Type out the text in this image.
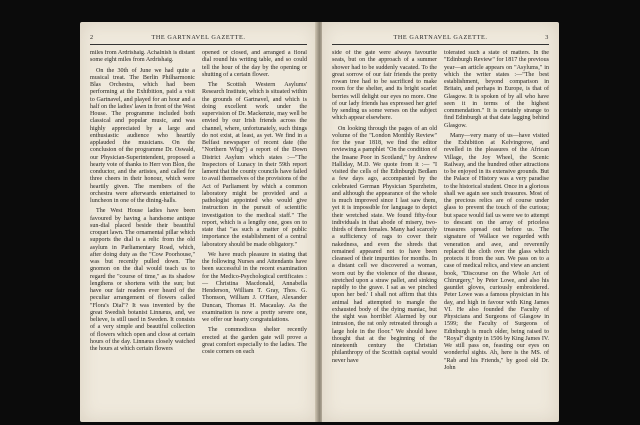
2	THE GARTNAVEL GAZETTE.

miles from Ardrishaig. Achalnish is distant some eight miles from Ardrishaig.

On the 30th of June we had quite a musical treat. The Berlin Philharmonic Blas Orchestra, which had been performing at the Exhibition, paid a visit to Gartnavel, and played for an hour and a half on the ladies' lawn in front of the West House. The programme included both classical and popular music, and was highly appreciated by a large and enthusiastic audience who heartily applauded the musicians. On the conclusion of the programme Dr. Oswald, our Physician-Superintendent, proposed a hearty vote of thanks to Herr von Blon, the conductor, and the artistes, and called for three cheers in their honour, which were heartily given. The members of the orchestra were afterwards entertained to luncheon in one of the dining-halls.

The West House ladies have been favoured by having a handsome antique sun-dial placed beside their beautiful croquet lawn. The ornamental pillar which supports the dial is a relic from the old asylum in Parliamentary Road, which, after doing duty as the "Cow Poorhouse," was but recently pulled down. The gnomon on the dial would teach us to regard the "course of time," as its shadow lengthens or shortens with the sun; but have our fair readers ever heard of the peculiar arrangement of flowers called "Flora's Dial"? It was invented by the great Swedish botanist Linnæus, and, we believe, is still used in Sweden. It consists of a very simple and beautiful collection of flowers which open and close at certain hours of the day. Linnæus closely watched the hours at which certain flowers

opened or closed, and arranged a floral dial round his writing table, and so could tell the hour of the day by the opening or shutting of a certain flower.

The Scottish Western Asylums' Research Institute, which is situated within the grounds of Gartnavel, and which is doing excellent work under the supervision of Dr. Mackenzie, may well be envied by our Irish friends across the channel, where, unfortunately, such things do not exist, at least, as yet. We find in a Belfast newspaper of recent date (the "Northern Whig") a report of the Down District Asylum which states :—"The Inspectors of Lunacy in their 59th report lament that the county councils have failed to avail themselves of the provisions of the Act of Parliament by which a common laboratory might be provided and a pathologist appointed who would give instruction in the pursuit of scientific investigation to the medical staff." The report, which is a lengthy one, goes on to state that "as such a matter of public importance the establishment of a central laboratory should be made obligatory."

We have much pleasure in stating that the following Nurses and Attendants have been successful in the recent examination for the Medico-Psychological certificates :— Christina Macdonald, Annabella Henderson, William T. Gray, Thos. G. Thomson, William J. O'Hare, Alexander Duncan, Thomas H. Macaulay. As the examination is now a pretty severe one, we offer our hearty congratulations.

The commodious shelter recently erected at the garden gate will prove a great comfort especially to the ladies. The cosie corners on each

THE GARTNAVEL GAZETTE.	3

side of the gate were always favourite seats, but on the approach of a summer shower had to be suddenly vacated. To the great sorrow of our fair friends the pretty rowan tree had to be sacrificed to make room for the shelter, and its bright scarlet berries will delight our eyes no more. One of our lady friends has expressed her grief by sending us some verses on the subject which appear elsewhere.

On looking through the pages of an old volume of the "London Monthly Review" for the year 1818, we find the editor reviewing a pamphlet "On the condition of the Insane Poor in Scotland," by Andrew Halliday, M.D. We quote from it :— "I visited the cells of the Edinburgh Bedlam a few days ago, accompanied by the celebrated German Physician Spurzheim, and although the appearance of the whole is much improved since I last saw them, yet it is impossible for language to depict their wretched state. We found fifty-four individuals in that abode of misery, two-thirds of them females. Many had scarcely a sufficiency of rags to cover their nakedness, and even the shreds that remained appeared not to have been cleansed of their impurities for months. In a distant cell we discovered a woman, worn out by the violence of the disease, stretched upon a straw pallet, and sinking rapidly to the grave. I sat as we pinched upon her bed.' I shall not affirm that this animal had attempted to mangle the exhausted body of the dying maniac, but the sight was horrible! Alarmed by our intrusion, the rat only retreated through a large hole in the floor." We should have thought that at the beginning of the nineteenth century the Christian philanthropy of the Scottish capital would never have

tolerated such a state of matters. In the "Edinburgh Review" for 1817 the previous year—an article appears on "Asylums," in which the writer states :—"The best establishment, beyond comparison in Britain, and perhaps in Europe, is that of Glasgow. It is spoken of by all who have seen it in terms of the highest commendation." It is certainly strange to find Edinburgh at that date lagging behind Glasgow.

Many—very many of us—have visited the Exhibition at Kelvingrove, and revelled in the pleasures of the African Village, the Joy Wheel, the Scenic Railway, and the hundred other attractions to be enjoyed in its extensive grounds. But the Palace of History was a very paradise to the historical student. Once in a glorious shall we again see such treasures. Most of the precious relics are of course under glass to prevent the touch of the curious; but space would fail us were we to attempt to descant on the array of priceless treasures spread out before us. The signature of Wallace we regarded with veneration and awe, and reverently replaced the cloth over the glass which protects it from the sun. We pass on to a case of medical relics, and view an ancient book, "Discourse on the Whole Art of Chirurgery," by Peter Lowe, and also his gauntlet gloves, curiously embroidered. Peter Lowe was a famous physician in his day, and high in favour with King James VI. He also founded the Faculty of Physicians and Surgeons of Glasgow in 1599; the Faculty of Surgeons of Edinburgh is much older, being raised to "Royal" dignity in 1506 by King James IV. We still pass on, feasting our eyes on wonderful sights. Ah, here is the MS. of "Rab and his Friends," by good old Dr. John
